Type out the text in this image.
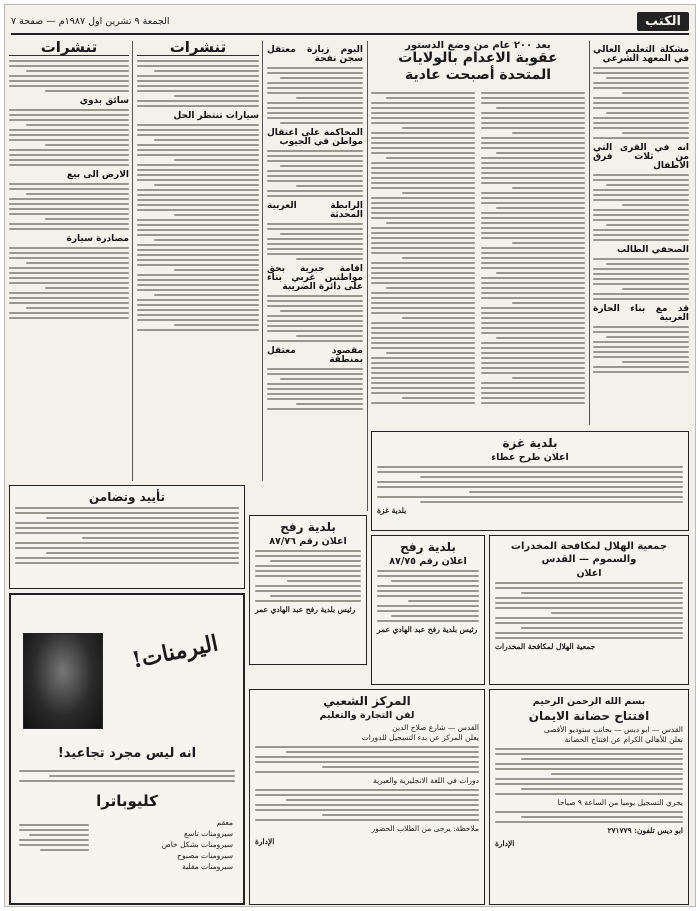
الكتب
الجمعة ٩ تشرين اول ١٩٨٧م — صفحة ٧
مشكلة التعليم العالي في المعهد الشرعي
انه في القرى التي من ثلاث فرق الاطفال
الصحفي الطالب
قد مع بناء الحارة الغربية
بعد ٢٠٠ عام من وضع الدستور
عقوبة الاعدام بالولايات المتحدة أصبحت عادية
اليوم زيارة معتقل سجن نفحة
المحاكمة على اعتقال مواطن في الجيوب
الرابطة العربية المحدثة
اقامة جبرية بحق مواطنين غربي بناء على دائرة الضريبة
مقصود معتقل بمنطقة
تنشرات
سيارات تنتظر الحل
تنشرات
سائق بدوي
الارض الى بيع
مصادرة سيارة
بلدية غزة
اعلان طرح عطاء
بلدية غزة
جمعية الهلال لمكافحة المخدرات والسموم — القدس
اعلان
جمعية الهلال لمكافحة المخدرات
بسم الله الرحمن الرحيم
افتتاح حضانة الايمان

القدس — ابو ديس — بجانب ستوديو الأقصى

تعلن للأهالي الكرام عن افتتاح الحضانة

يجري التسجيل يوميا من الساعة ٩ صباحا

ابو ديس تلفون: ٢٧١٧٧٩

الإدارة
بلدية رفح
اعلان رقم ٨٧/٧٥
رئيس بلدية رفح عبد الهادي عمر
بلدية رفح
اعلان رقم ٨٧/٧٦
رئيس بلدية رفح عبد الهادي عمر
المركز الشعبي
لفن التجارة والتعليم

القدس — شارع صلاح الدين

يعلن المركز عن بدء التسجيل للدورات

دورات في اللغة الانجليزية والعبرية

ملاحظة: يرجى من الطلاب الحضور

الإدارة
تأييد وتضامن
اليرمنات!
انه ليس مجرد تجاعيد!
كليوباترا
معقم
سيرومنات تاسع
سيرومنات بشكل خاص
سيرومنات مصبوح
سيرومنات مقلية
